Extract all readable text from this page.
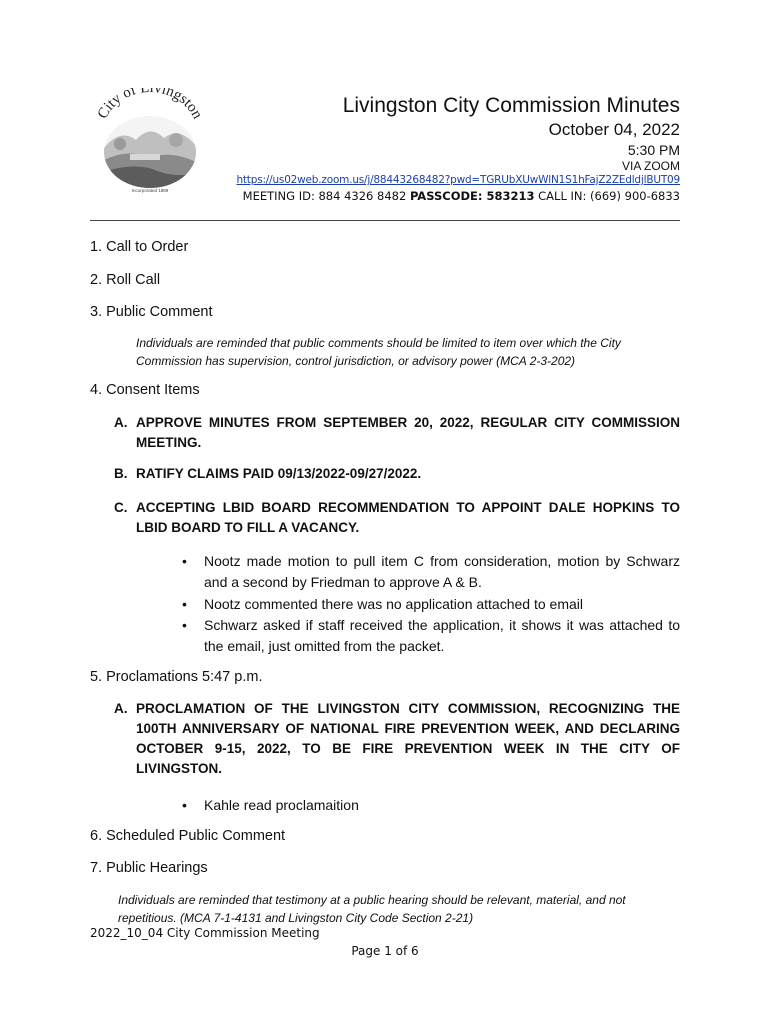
City of Livingston
Incorporated 1889
Livingston City Commission Minutes
October 04, 2022
5:30 PM
VIA ZOOM
https://us02web.zoom.us/j/88443268482?pwd=TGRUbXUwWlN1S1hFajZ2ZEdldjlBUT09
MEETING ID: 884 4326 8482 PASSCODE: 583213 CALL IN: (669) 900-6833
1. Call to Order
2. Roll Call
3. Public Comment
Individuals are reminded that public comments should be limited to item over which the City Commission has supervision, control jurisdiction, or advisory power (MCA 2-3-202)
4. Consent Items
A. APPROVE MINUTES FROM SEPTEMBER 20, 2022, REGULAR CITY COMMISSION MEETING.
B. RATIFY CLAIMS PAID 09/13/2022-09/27/2022.
C. ACCEPTING LBID BOARD RECOMMENDATION TO APPOINT DALE HOPKINS TO LBID BOARD TO FILL A VACANCY.
• Nootz made motion to pull item C from consideration, motion by Schwarz and a second by Friedman to approve A & B.
• Nootz commented there was no application attached to email
• Schwarz asked if staff received the application, it shows it was attached to the email, just omitted from the packet.
5. Proclamations 5:47 p.m.
A. PROCLAMATION OF THE LIVINGSTON CITY COMMISSION, RECOGNIZING THE 100TH ANNIVERSARY OF NATIONAL FIRE PREVENTION WEEK, AND DECLARING OCTOBER 9-15, 2022, TO BE FIRE PREVENTION WEEK IN THE CITY OF LIVINGSTON.
• Kahle read proclamaition
6. Scheduled Public Comment
7. Public Hearings
Individuals are reminded that testimony at a public hearing should be relevant, material, and not repetitious. (MCA 7-1-4131 and Livingston City Code Section 2-21)
2022_10_04 City Commission Meeting
Page 1 of 6
